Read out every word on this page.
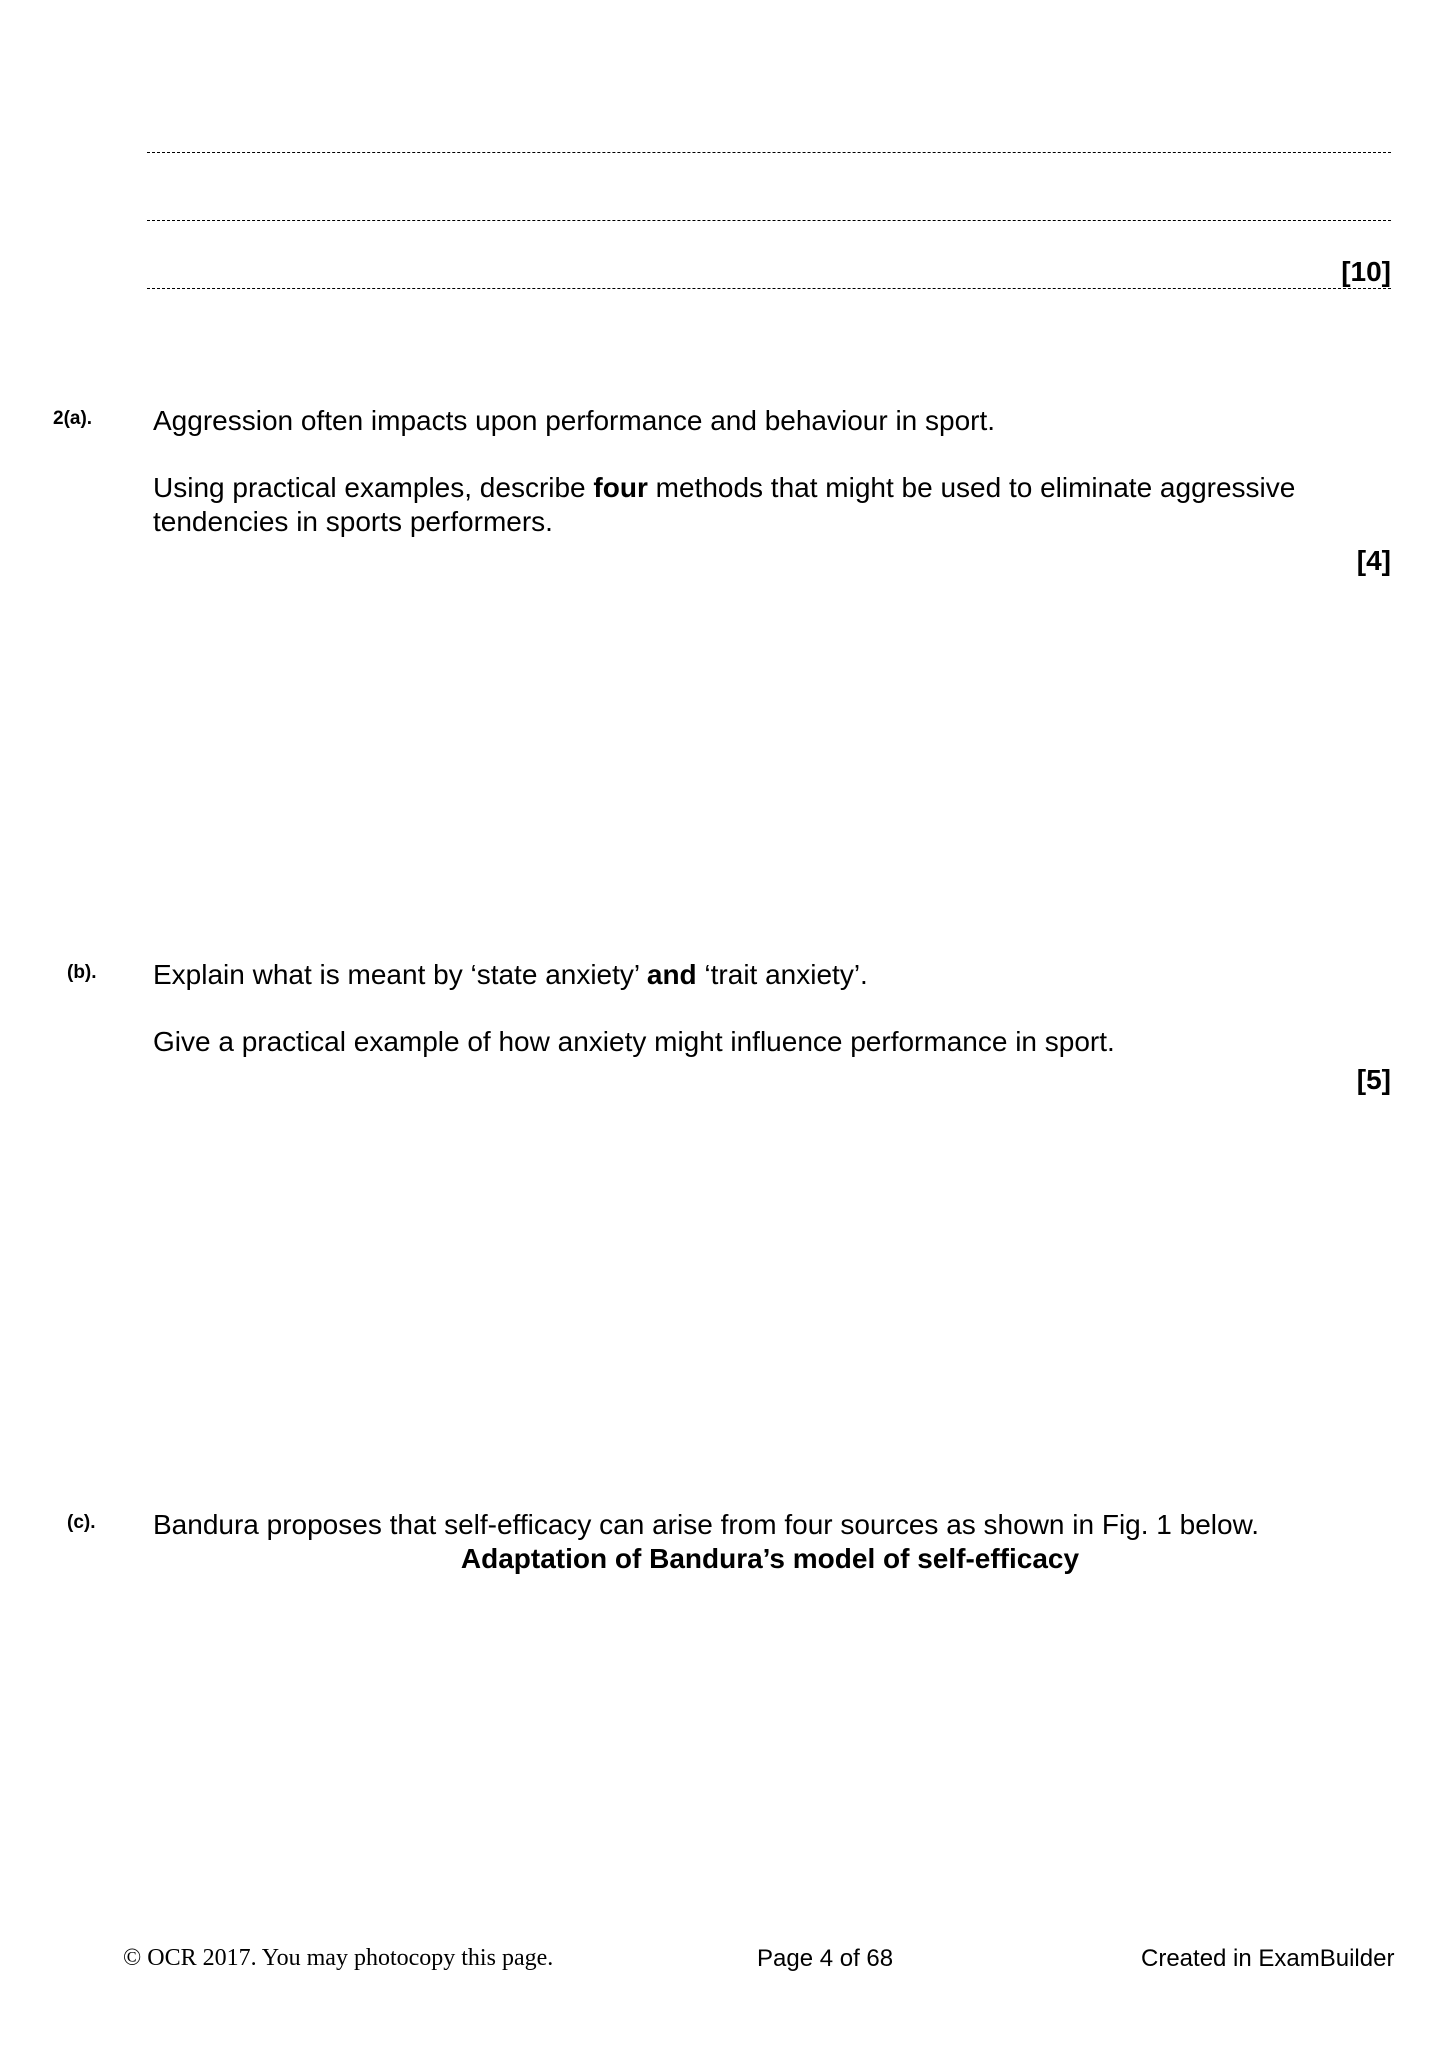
[10]
2(a). Aggression often impacts upon performance and behaviour in sport.
Using practical examples, describe four methods that might be used to eliminate aggressive tendencies in sports performers.
[4]
(b). Explain what is meant by ‘state anxiety’ and ‘trait anxiety’.
Give a practical example of how anxiety might influence performance in sport.
[5]
(c). Bandura proposes that self-efficacy can arise from four sources as shown in Fig. 1 below.
Adaptation of Bandura’s model of self-efficacy
© OCR 2017. You may photocopy this page.	Page 4 of 68	Created in ExamBuilder
